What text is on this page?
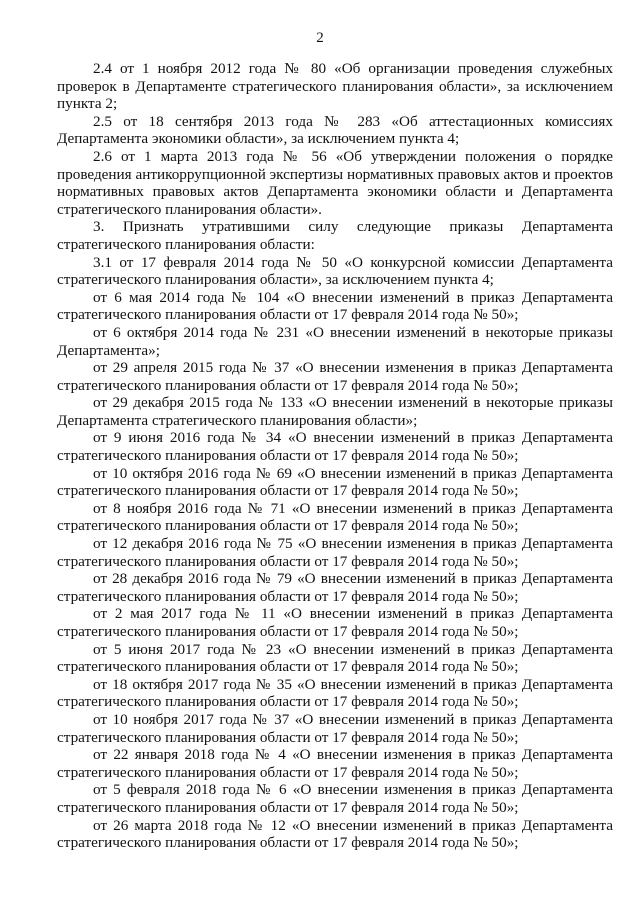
2

2.4 от 1 ноября 2012 года № 80 «Об организации проведения служебных проверок в Департаменте стратегического планирования области», за исключением пункта 2;

2.5 от 18 сентября 2013 года № 283 «Об аттестационных комиссиях Департамента экономики области», за исключением пункта 4;

2.6 от 1 марта 2013 года № 56 «Об утверждении положения о порядке проведения антикоррупционной экспертизы нормативных правовых актов и проектов нормативных правовых актов Департамента экономики области и Департамента стратегического планирования области».

3. Признать утратившими силу следующие приказы Департамента стратегического планирования области:

3.1 от 17 февраля 2014 года № 50 «О конкурсной комиссии Департамента стратегического планирования области», за исключением пункта 4;

от 6 мая 2014 года № 104 «О внесении изменений в приказ Департамента стратегического планирования области от 17 февраля 2014 года № 50»;

от 6 октября 2014 года № 231 «О внесении изменений в некоторые приказы Департамента»;

от 29 апреля 2015 года № 37 «О внесении изменения в приказ Департамента стратегического планирования области от 17 февраля 2014 года № 50»;

от 29 декабря 2015 года № 133 «О внесении изменений в некоторые приказы Департамента стратегического планирования области»;

от 9 июня 2016 года № 34 «О внесении изменений в приказ Департамента стратегического планирования области от 17 февраля 2014 года № 50»;

от 10 октября 2016 года № 69 «О внесении изменений в приказ Департамента стратегического планирования области от 17 февраля 2014 года № 50»;

от 8 ноября 2016 года № 71 «О внесении изменений в приказ Департамента стратегического планирования области от 17 февраля 2014 года № 50»;

от 12 декабря 2016 года № 75 «О внесении изменения в приказ Департамента стратегического планирования области от 17 февраля 2014 года № 50»;

от 28 декабря 2016 года № 79 «О внесении изменений в приказ Департамента стратегического планирования области от 17 февраля 2014 года № 50»;

от 2 мая 2017 года № 11 «О внесении изменений в приказ Департамента стратегического планирования области от 17 февраля 2014 года № 50»;

от 5 июня 2017 года № 23 «О внесении изменений в приказ Департамента стратегического планирования области от 17 февраля 2014 года № 50»;

от 18 октября 2017 года № 35 «О внесении изменений в приказ Департамента стратегического планирования области от 17 февраля 2014 года № 50»;

от 10 ноября 2017 года № 37 «О внесении изменений в приказ Департамента стратегического планирования области от 17 февраля 2014 года № 50»;

от 22 января 2018 года № 4 «О внесении изменения в приказ Департамента стратегического планирования области от 17 февраля 2014 года № 50»;

от 5 февраля 2018 года № 6 «О внесении изменения в приказ Департамента стратегического планирования области от 17 февраля 2014 года № 50»;

от 26 марта 2018 года № 12 «О внесении изменений в приказ Департамента стратегического планирования области от 17 февраля 2014 года № 50»;
